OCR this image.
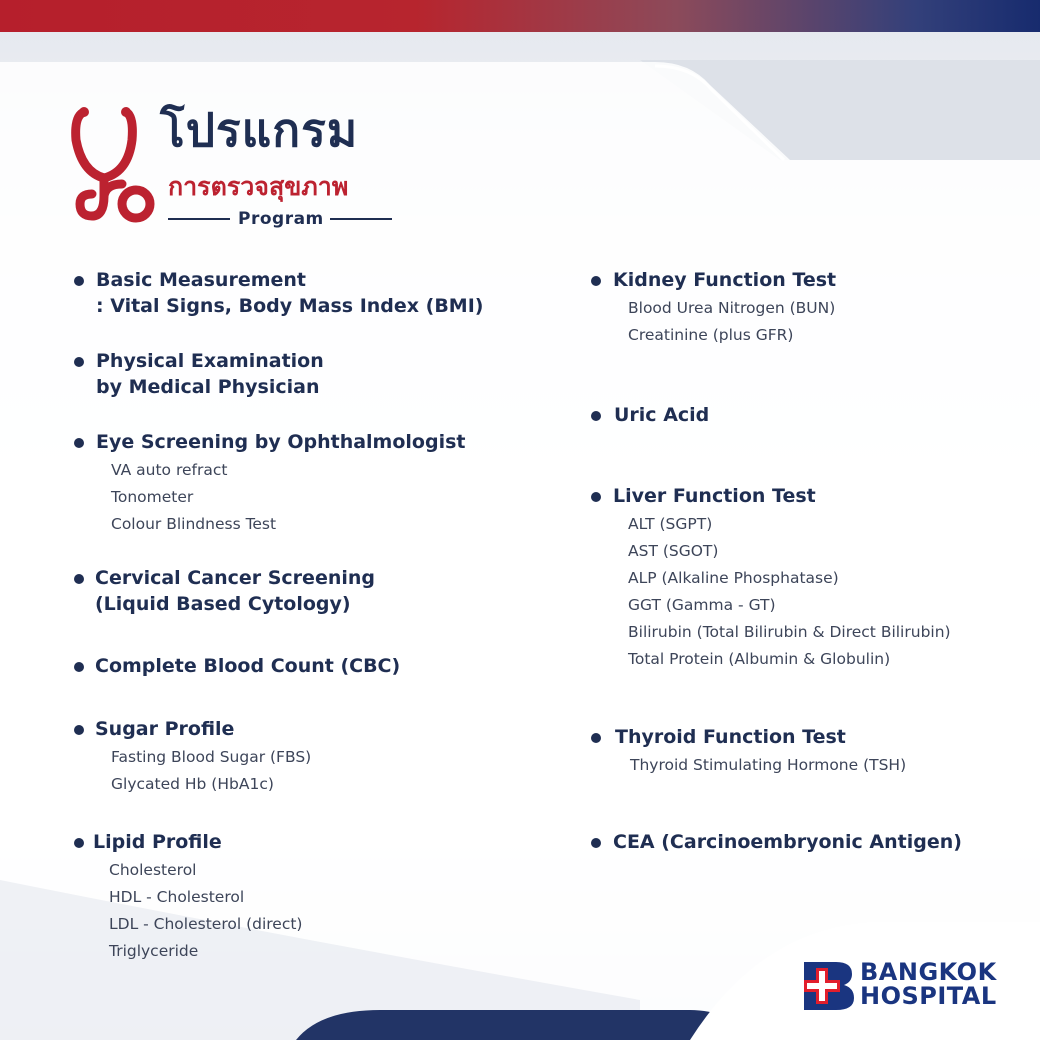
โปรแกรม
การตรวจสุขภาพ
Program
Basic Measurement
: Vital Signs, Body Mass Index (BMI)
Physical Examination
by Medical Physician
Eye Screening by Ophthalmologist
VA auto refract
Tonometer
Colour Blindness Test
Cervical Cancer Screening
(Liquid Based Cytology)
Complete Blood Count (CBC)
Sugar Profile
Fasting Blood Sugar (FBS)
Glycated Hb (HbA1c)
Lipid Profile
Cholesterol
HDL - Cholesterol
LDL - Cholesterol (direct)
Triglyceride
Kidney Function Test
Blood Urea Nitrogen (BUN)
Creatinine (plus GFR)
Uric Acid
Liver Function Test
ALT (SGPT)
AST (SGOT)
ALP (Alkaline Phosphatase)
GGT (Gamma - GT)
Bilirubin (Total Bilirubin & Direct Bilirubin)
Total Protein (Albumin & Globulin)
Thyroid Function Test
Thyroid Stimulating Hormone (TSH)
CEA (Carcinoembryonic Antigen)
BANGKOK
HOSPITAL
